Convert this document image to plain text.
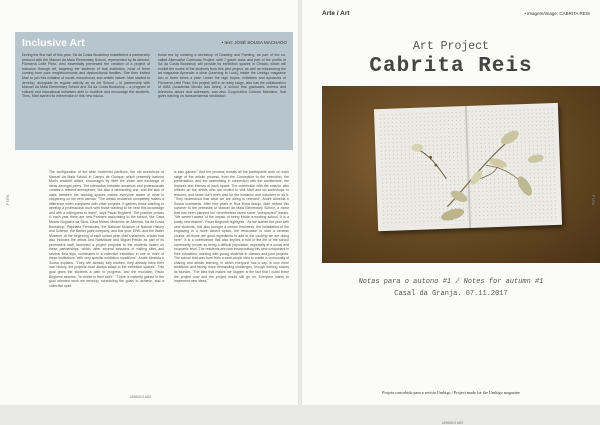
Inclusive Art	• text: JOSÉ SOUSA MACHADO

During the first half of this year, Sá da Costa Bookshop established a partnership protocol with the Manuel da Maia Elementary School, represented by its director, Filomena Leite Pinto, who essentially previewed the creation of a project of inclusion through art, targeting the students of that institution, most of them coming from poor neighbourhoods and dysfunctional families. She then invited Marl to join this initiative of social, educational, and artistic nature. Marl started to develop, alongside its regular activity as an Art School – in partnership with Manuel da Maia Elementary School and Sá da Costa Bookshop – a program of cultural and educational initiatives able to mobilize and encourage the students. Thus, Marl started its intervention in this new educa-

tional era by creating a workshop of Drawing and Painting, as part of the so-called Alternative Curricular Project, with 7 grade class and part of the profits of Sá da Costa Bookshop will provide its exhibition spaces in Chiado, which will exhibit the works of the students from this pilot project, as well as relaunching the art magazine Aprender a olhar [Learning to Look], inside the Umbigo magazine two or three times a year. Under the high hopes, initiatives and dynamics of Filomena Leite Pinto, this project, still in an early stage, also has the collaboration of AMA (Academia Mundo das Artes), a school that graduates cinema and television actors and actresses, and also Cooperativa Cultural Marxiano, that gives training on transcendental meditation.

The configuration of the wide modernist pavilions, the old workshops of Manuel da Maia School in Campo de Ourique, which presently harbour Marl's resident artists, encourages by itself the share and exchange of ideas amongst peers. The interaction between amateurs and professionals creates a relaxed atmosphere, but also a demanding one, and the lack of walls between the working spaces makes everyone aware of what is happening on the next canvas. "The artistic residence completely makes a difference when compared with other projects. It gathers those wanting to develop a professional work with those wanting to be near this knowledge and with a willingness to learn", says Paulo Brighenti. The practice proves it: each year there are new Partners associating to the school, like Casa Museu Nogueira da Silva, Casa Museu Medeiros de Almeida, Sá da Costa Bookshop, Papelaria Fernandes, the National Museum of Natural History and Science, the Bartlet paint company, and this year, EPAL and the Water Museum. At the beginning of each school year, Marl's teachers, a team that also includes the artists Ana Natividade and Miguel Penão as part of its permanent staff, launched a project proposal to the students based on these partnerships, which, after several sessions of visiting sites and several field trips, culminates in a collective exhibition in one or more of these institutions "with very specific exhibition conditions", André Almeida e Sousa explains. "They are already fully booked, they already have their own history, the projects must always adapt to the exhibition spaces". This goal gives the students a path to progress, and the evolution, Paulo Brighenti assures, "is visible in their work". "There is maturity gained in the goal oriented work we develop, scheduling the goals to achieve, and a collective spirit

is also gained." And the process reveals all the participants work on each stage of the artistic process, from the Conception to the execution, the presentation, and the assembling in connection with the architecture, the features and themes of each space. The connection with the exterior also reflects on the artists who are invited to visit Marl and do workshops or lectures, and some don't even wait for the invitation and volunteer to do it. "They understood that what we are doing is relevant", André Almeida e Sousa comments. After four years in Rua Rosa Araújo, Marl moved this summer to the premises of Manuel da Maia Elementary School, a move that has been planned but nevertheless faced some "unexpected" issues. "We weren't aware of the impact of being inside a working school. It is a totally new feature", Paulo Brighenti highlights. "As we started the year with new students, this also brought a certain freshness, the installation of the engraving in a more decent space, the restoration to start a ceramic course, all those are good ingredients to add to the cooking we are doing here". It is a coexistence that also implies a role in the life of the school community, known as being a difficult population, especially at a social and economic level. The residents are now incorporating this new component in their education, working with young students in classes and joint projects. The school that was born from a semi-utopic idea to create a community of sharing and artistic learning, in which everyone has a say, is now more ambitious and facing more demanding challenges, though nothing scares its founder. "The idea that makes me happier is the fact that I could leave the project now and the project would still go on. Everyone wants to implement new ideas."

PT/EN
UMBIGO #63
Arte / Art	• imagem/image: CABRITA REIS
Art Project
Cabrita Reis
Notas para o autono #1 / Notes for autumn #1
Casal da Granja. 07.11.2017
Projeto concebido para a revista Umbigo / Project made for the Umbigo magazine
PT/EN
UMBIGO #63
